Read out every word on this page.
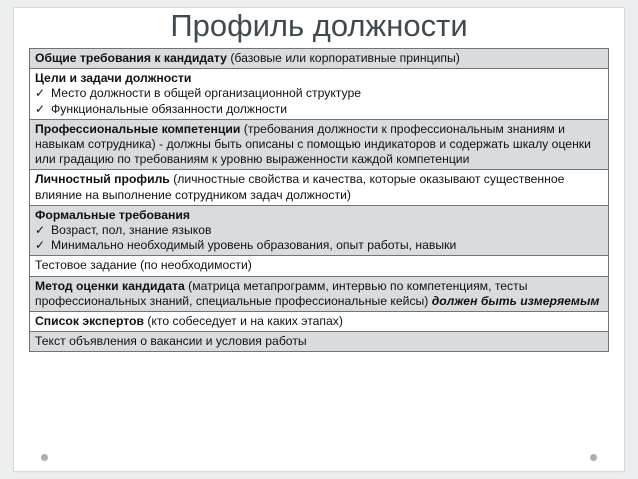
Профиль должности
Общие требования к кандидату (базовые или корпоративные принципы)
Цели и задачи должности
✓ Место должности в общей организационной структуре
✓ Функциональные обязанности должности
Профессиональные компетенции (требования должности к профессиональным знаниям и навыкам сотрудника) - должны быть описаны с помощью индикаторов и содержать шкалу оценки или градацию по требованиям к уровню выраженности каждой компетенции
Личностный профиль (личностные свойства и качества, которые оказывают существенное влияние на выполнение сотрудником задач должности)
Формальные требования
✓ Возраст, пол, знание языков
✓ Минимально необходимый уровень образования, опыт работы, навыки
Тестовое задание (по необходимости)
Метод оценки кандидата (матрица метапрограмм, интервью по компетенциям, тесты профессиональных знаний, специальные профессиональные кейсы) должен быть измеряемым
Список экспертов (кто собеседует и на каких этапах)
Текст объявления о вакансии и условия работы
